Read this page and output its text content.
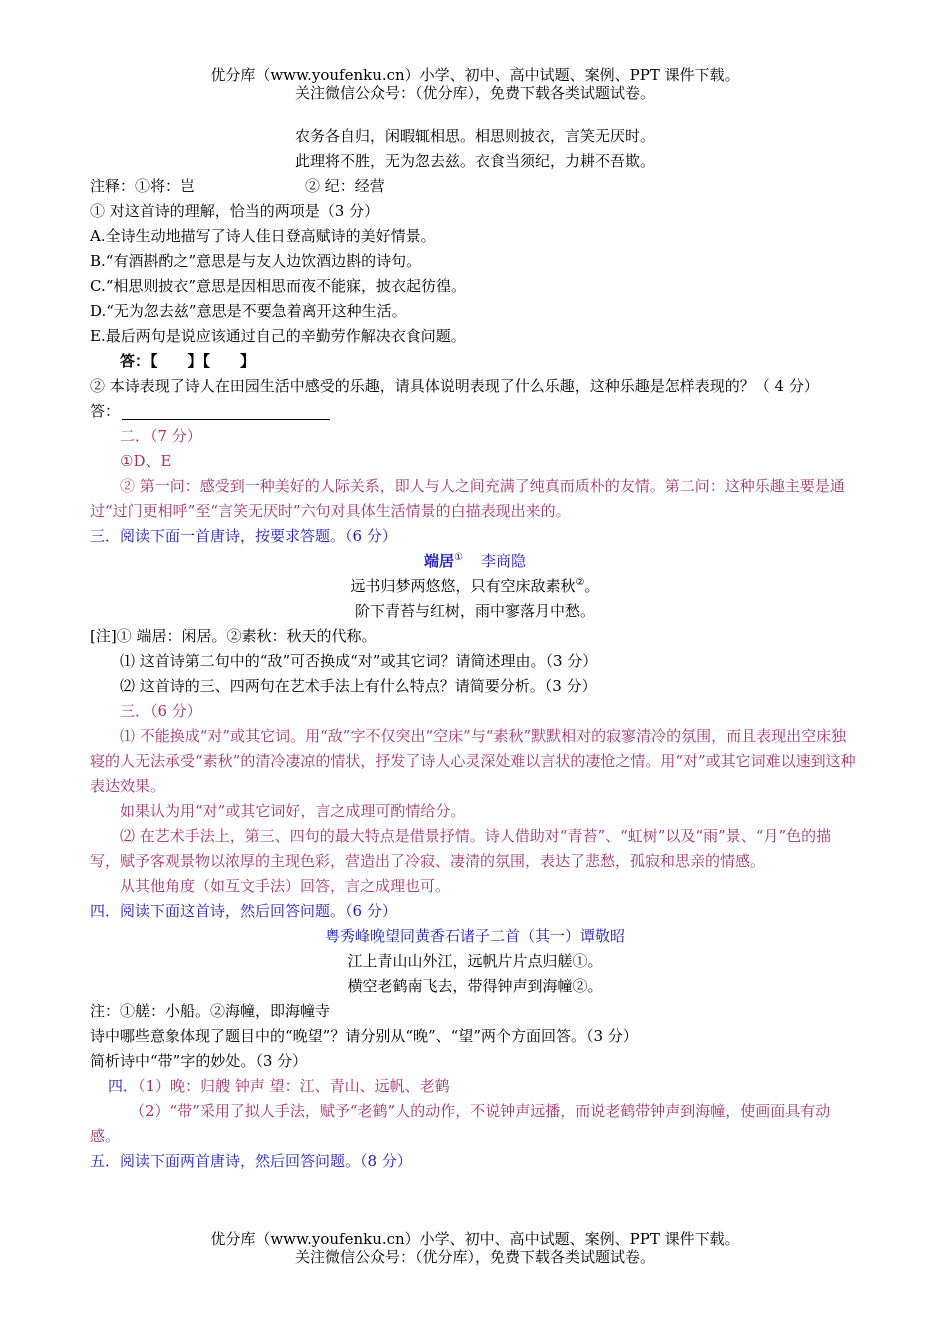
优分库（www.youfenku.cn）小学、初中、高中试题、案例、PPT 课件下载。
关注微信公众号：（优分库），免费下载各类试题试卷。
农务各自归，闲暇辄相思。相思则披衣，言笑无厌时。
此理将不胜，无为忽去兹。衣食当须纪，力耕不吾欺。
注释：①将：岂	② 纪：经营
① 对这首诗的理解，恰当的两项是（3 分）
A.全诗生动地描写了诗人佳日登高赋诗的美好情景。
B.“有酒斟酌之”意思是与友人边饮酒边斟的诗句。
C.“相思则披衣”意思是因相思而夜不能寐，披衣起彷徨。
D.“无为忽去兹”意思是不要急着离开这种生活。
E.最后两句是说应该通过自己的辛勤劳作解决衣食问题。
答：【　　】【　　】
② 本诗表现了诗人在田园生活中感受的乐趣，请具体说明表现了什么乐趣，这种乐趣是怎样表现的？（ 4 分）
答：
二．（7 分）
①D、E
② 第一问：感受到一种美好的人际关系，即人与人之间充满了纯真而质朴的友情。第二问：这种乐趣主要是通过“过门更相呼”至“言笑无厌时”六句对具体生活情景的白描表现出来的。
三．阅读下面一首唐诗，按要求答题。（6 分）
端居① 李商隐
远书归梦两悠悠，只有空床敌素秋②。
阶下青苔与红树，雨中寥落月中愁。
[注]① 端居：闲居。②素秋：秋天的代称。
⑴ 这首诗第二句中的“敌”可否换成“对”或其它词？请简述理由。（3 分）
⑵ 这首诗的三、四两句在艺术手法上有什么特点？请简要分析。（3 分）
三．（6 分）
⑴ 不能换成“对”或其它词。用“敌”字不仅突出“空床”与“素秋”默默相对的寂寥清冷的氛围，而且表现出空床独寝的人无法承受“素秋”的清冷凄凉的情状，抒发了诗人心灵深处难以言状的凄怆之情。用“对”或其它词难以速到这种表达效果。
如果认为用“对”或其它词好，言之成理可酌情给分。
⑵ 在艺术手法上，第三、四句的最大特点是借景抒情。诗人借助对“青苔”、“虹树”以及“雨”景、“月”色的描写，赋予客观景物以浓厚的主现色彩，营造出了冷寂、凄清的氛围，表达了悲愁，孤寂和思亲的情感。
从其他角度（如互文手法）回答，言之成理也可。
四．阅读下面这首诗，然后回答问题。（6 分）
粤秀峰晚望同黄香石诸子二首（其一）谭敬昭
江上青山山外江，远帆片片点归艖①。
横空老鹤南飞去，带得钟声到海幢②。
注：①艖：小船。②海幢，即海幢寺
诗中哪些意象体现了题目中的“晚望”？请分别从“晚”、“望”两个方面回答。（3 分）
简析诗中“带”字的妙处。（3 分）
四．（1）晚：归艘 钟声 望：江、青山、远帆、老鹤
（2）“带”采用了拟人手法，赋予“老鹤”人的动作，不说钟声远播，而说老鹤带钟声到海幢，使画面具有动感。
五．阅读下面两首唐诗，然后回答问题。（8 分）
优分库（www.youfenku.cn）小学、初中、高中试题、案例、PPT 课件下载。
关注微信公众号：（优分库），免费下载各类试题试卷。
